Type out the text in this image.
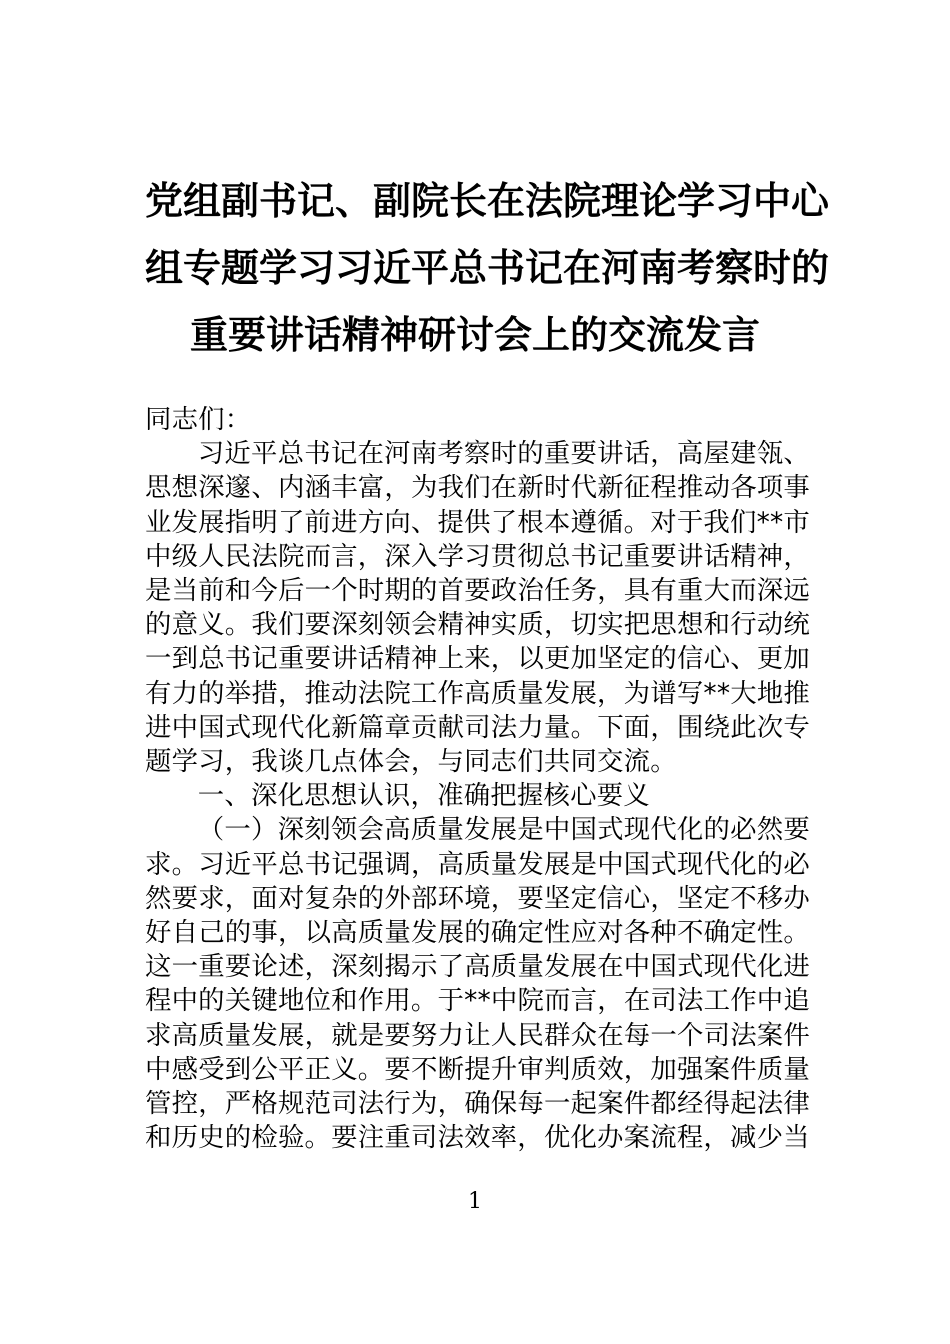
党组副书记、副院长在法院理论学习中心
组专题学习习近平总书记在河南考察时的
重要讲话精神研讨会上的交流发言

同志们：

习近平总书记在河南考察时的重要讲话，高屋建瓴、思想深邃、内涵丰富，为我们在新时代新征程推动各项事业发展指明了前进方向、提供了根本遵循。对于我们**市中级人民法院而言，深入学习贯彻总书记重要讲话精神，是当前和今后一个时期的首要政治任务，具有重大而深远的意义。我们要深刻领会精神实质，切实把思想和行动统一到总书记重要讲话精神上来，以更加坚定的信心、更加有力的举措，推动法院工作高质量发展，为谱写**大地推进中国式现代化新篇章贡献司法力量。下面，围绕此次专题学习，我谈几点体会，与同志们共同交流。

一、深化思想认识，准确把握核心要义

（一）深刻领会高质量发展是中国式现代化的必然要求。习近平总书记强调，高质量发展是中国式现代化的必然要求，面对复杂的外部环境，要坚定信心，坚定不移办好自己的事，以高质量发展的确定性应对各种不确定性。这一重要论述，深刻揭示了高质量发展在中国式现代化进程中的关键地位和作用。于**中院而言，在司法工作中追求高质量发展，就是要努力让人民群众在每一个司法案件中感受到公平正义。要不断提升审判质效，加强案件质量管控，严格规范司法行为，确保每一起案件都经得起法律和历史的检验。要注重司法效率，优化办案流程，减少当

1
